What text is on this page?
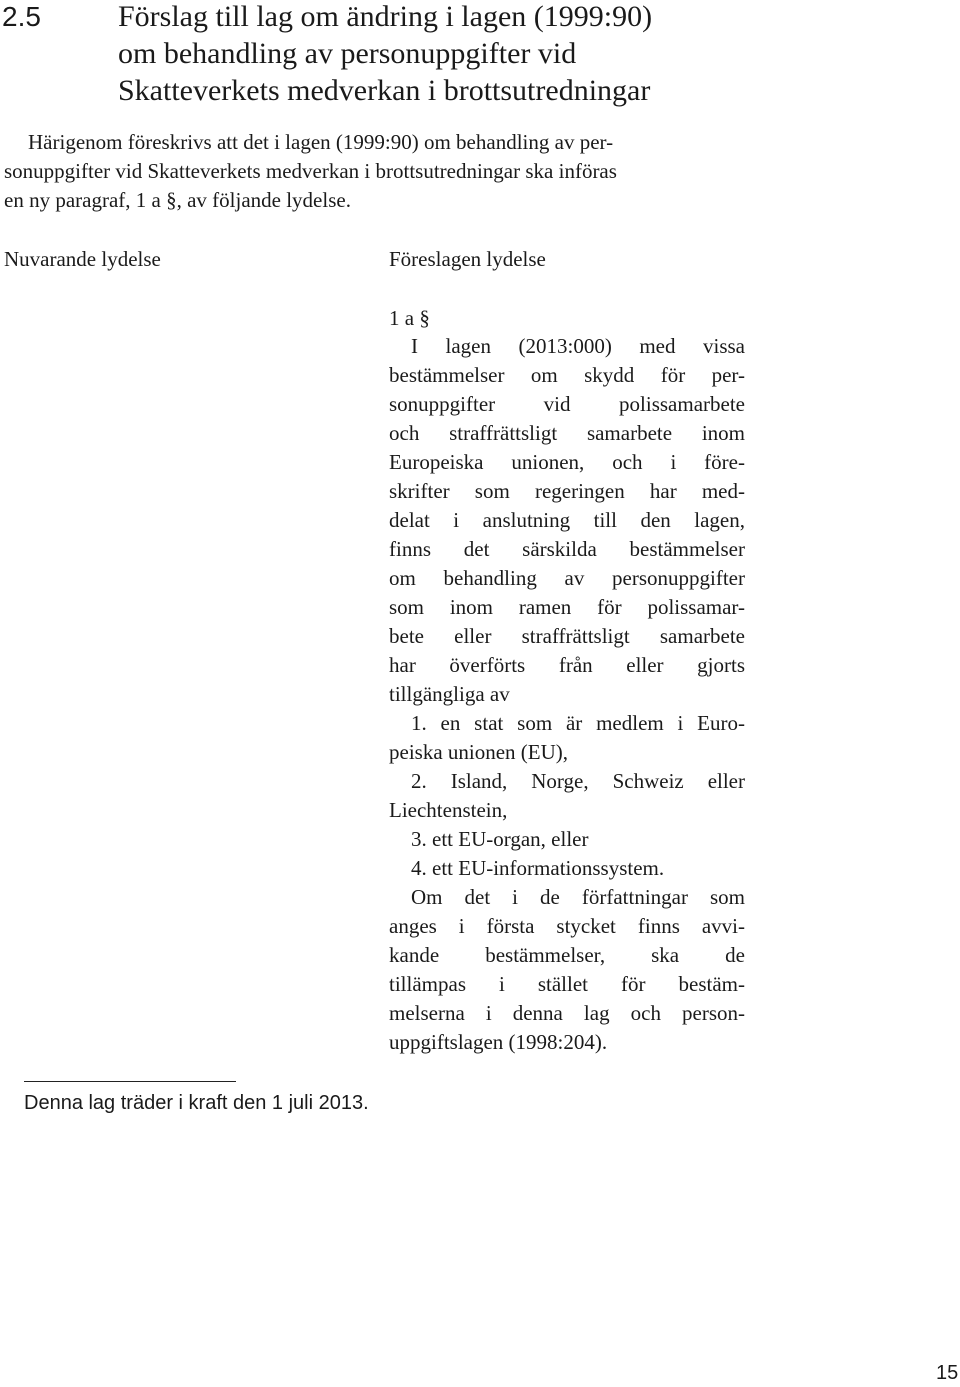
2.5	Förslag till lag om ändring i lagen (1999:90)
om behandling av personuppgifter vid
Skatteverkets medverkan i brottsutredningar
Härigenom föreskrivs att det i lagen (1999:90) om behandling av per-
sonuppgifter vid Skatteverkets medverkan i brottsutredningar ska införas
en ny paragraf, 1 a §, av följande lydelse.
Nuvarande lydelse	Föreslagen lydelse
1 a §
I lagen (2013:000) med vissa
bestämmelser om skydd för per-
sonuppgifter vid polissamarbete
och straffrättsligt samarbete inom
Europeiska unionen, och i före-
skrifter som regeringen har med-
delat i anslutning till den lagen,
finns det särskilda bestämmelser
om behandling av personuppgifter
som inom ramen för polissamar-
bete eller straffrättsligt samarbete
har överförts från eller gjorts
tillgängliga av
1. en stat som är medlem i Euro-
peiska unionen (EU),
2. Island, Norge, Schweiz eller
Liechtenstein,
3. ett EU-organ, eller
4. ett EU-informationssystem.
Om det i de författningar som
anges i första stycket finns avvi-
kande bestämmelser, ska de
tillämpas i stället för bestäm-
melserna i denna lag och person-
uppgiftslagen (1998:204).
Denna lag träder i kraft den 1 juli 2013.
15
